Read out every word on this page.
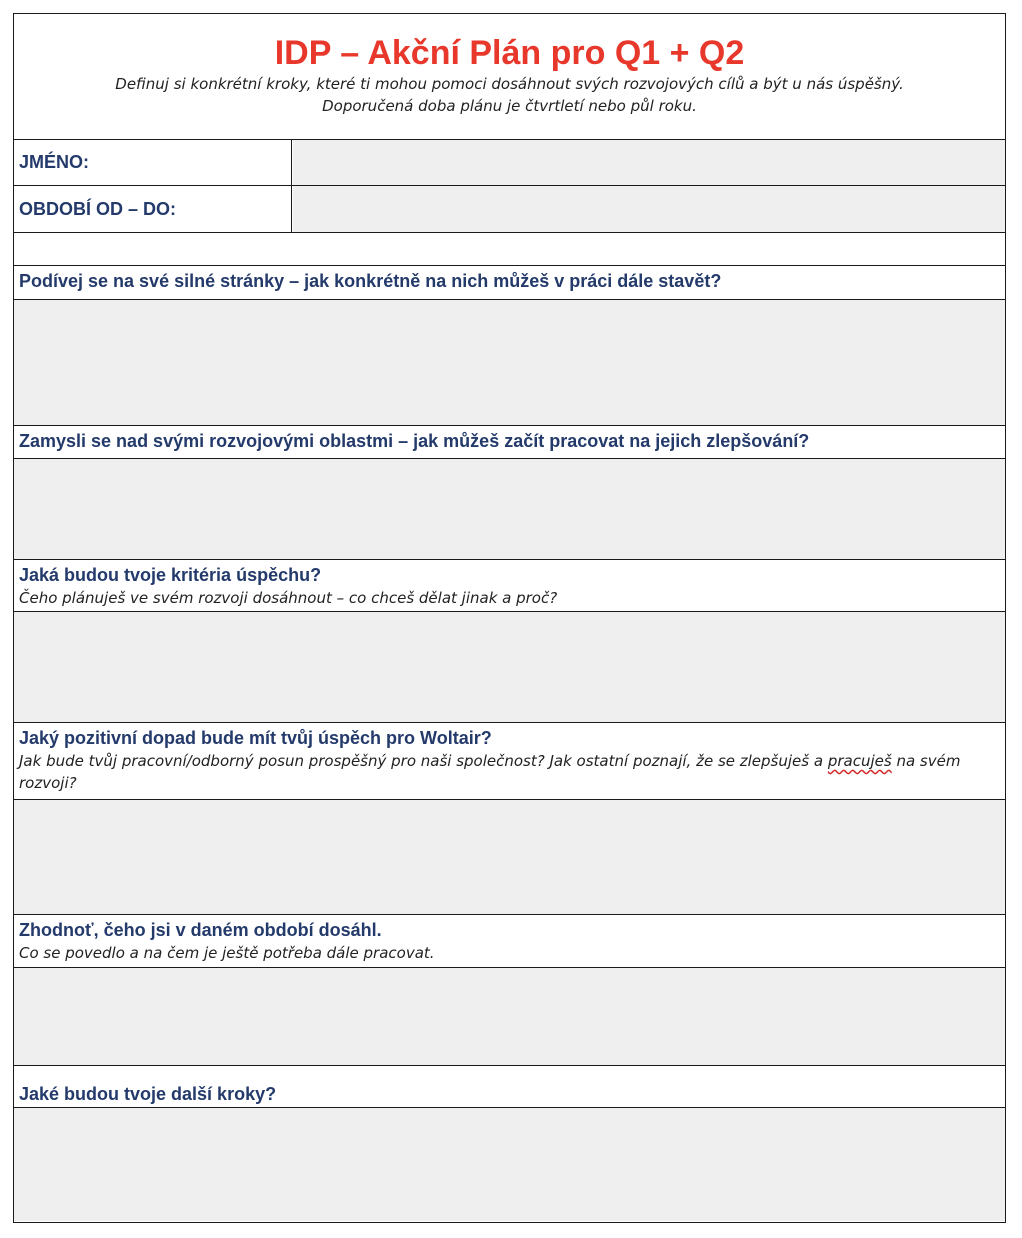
IDP – Akční Plán pro Q1 + Q2
Definuj si konkrétní kroky, které ti mohou pomoci dosáhnout svých rozvojových cílů a být u nás úspěšný.
Doporučená doba plánu je čtvrtletí nebo půl roku.
JMÉNO:
OBDOBÍ OD – DO:
Podívej se na své silné stránky – jak konkrétně na nich můžeš v práci dále stavět?
Zamysli se nad svými rozvojovými oblastmi – jak můžeš začít pracovat na jejich zlepšování?
Jaká budou tvoje kritéria úspěchu?
Čeho plánuješ ve svém rozvoji dosáhnout – co chceš dělat jinak a proč?
Jaký pozitivní dopad bude mít tvůj úspěch pro Woltair?
Jak bude tvůj pracovní/odborný posun prospěšný pro naši společnost? Jak ostatní poznají, že se zlepšuješ a pracuješ na svém rozvoji?
Zhodnoť, čeho jsi v daném období dosáhl.
Co se povedlo a na čem je ještě potřeba dále pracovat.
Jaké budou tvoje další kroky?
